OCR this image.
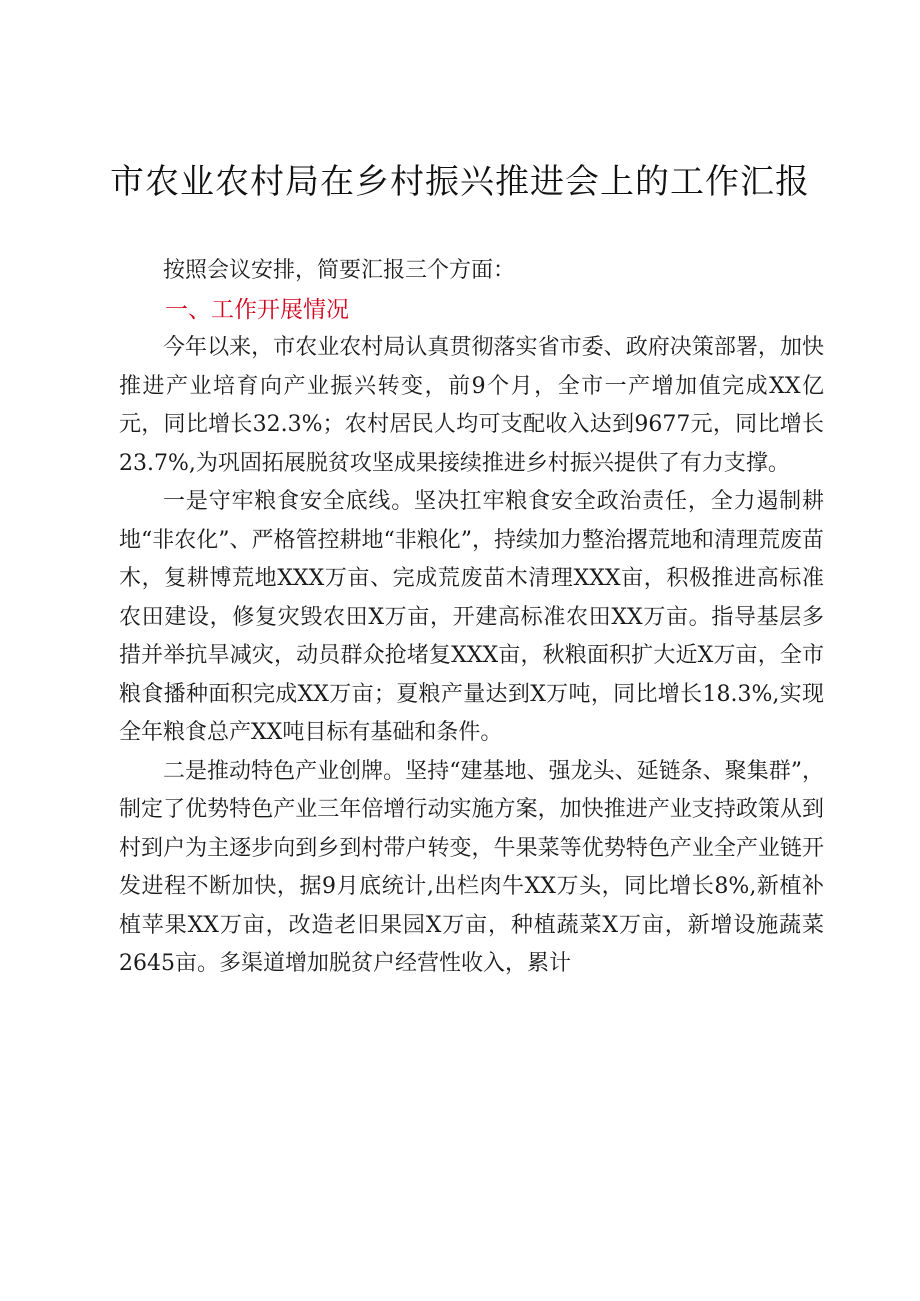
市农业农村局在乡村振兴推进会上的工作汇报

按照会议安排，简要汇报三个方面：

一、工作开展情况

今年以来，市农业农村局认真贯彻落实省市委、政府决策部署，加快推进产业培育向产业振兴转变，前9个月，全市一产增加值完成XX亿元，同比增长32.3%；农村居民人均可支配收入达到9677元，同比增长23.7%,为巩固拓展脱贫攻坚成果接续推进乡村振兴提供了有力支撑。

一是守牢粮食安全底线。坚决扛牢粮食安全政治责任，全力遏制耕地“非农化”、严格管控耕地“非粮化”，持续加力整治撂荒地和清理荒废苗木，复耕博荒地XXX万亩、完成荒废苗木清理XXX亩，积极推进高标准农田建设，修复灾毁农田X万亩，开建高标准农田XX万亩。指导基层多措并举抗旱减灾，动员群众抢堵复XXX亩，秋粮面积扩大近X万亩，全市粮食播种面积完成XX万亩；夏粮产量达到X万吨，同比增长18.3%,实现全年粮食总产XX吨目标有基础和条件。

二是推动特色产业创牌。坚持“建基地、强龙头、延链条、聚集群”，制定了优势特色产业三年倍增行动实施方案，加快推进产业支持政策从到村到户为主逐步向到乡到村带户转变，牛果菜等优势特色产业全产业链开发进程不断加快，据9月底统计,出栏肉牛XX万头，同比增长8%,新植补植苹果XX万亩，改造老旧果园X万亩，种植蔬菜X万亩，新增设施蔬菜2645亩。多渠道增加脱贫户经营性收入，累计
